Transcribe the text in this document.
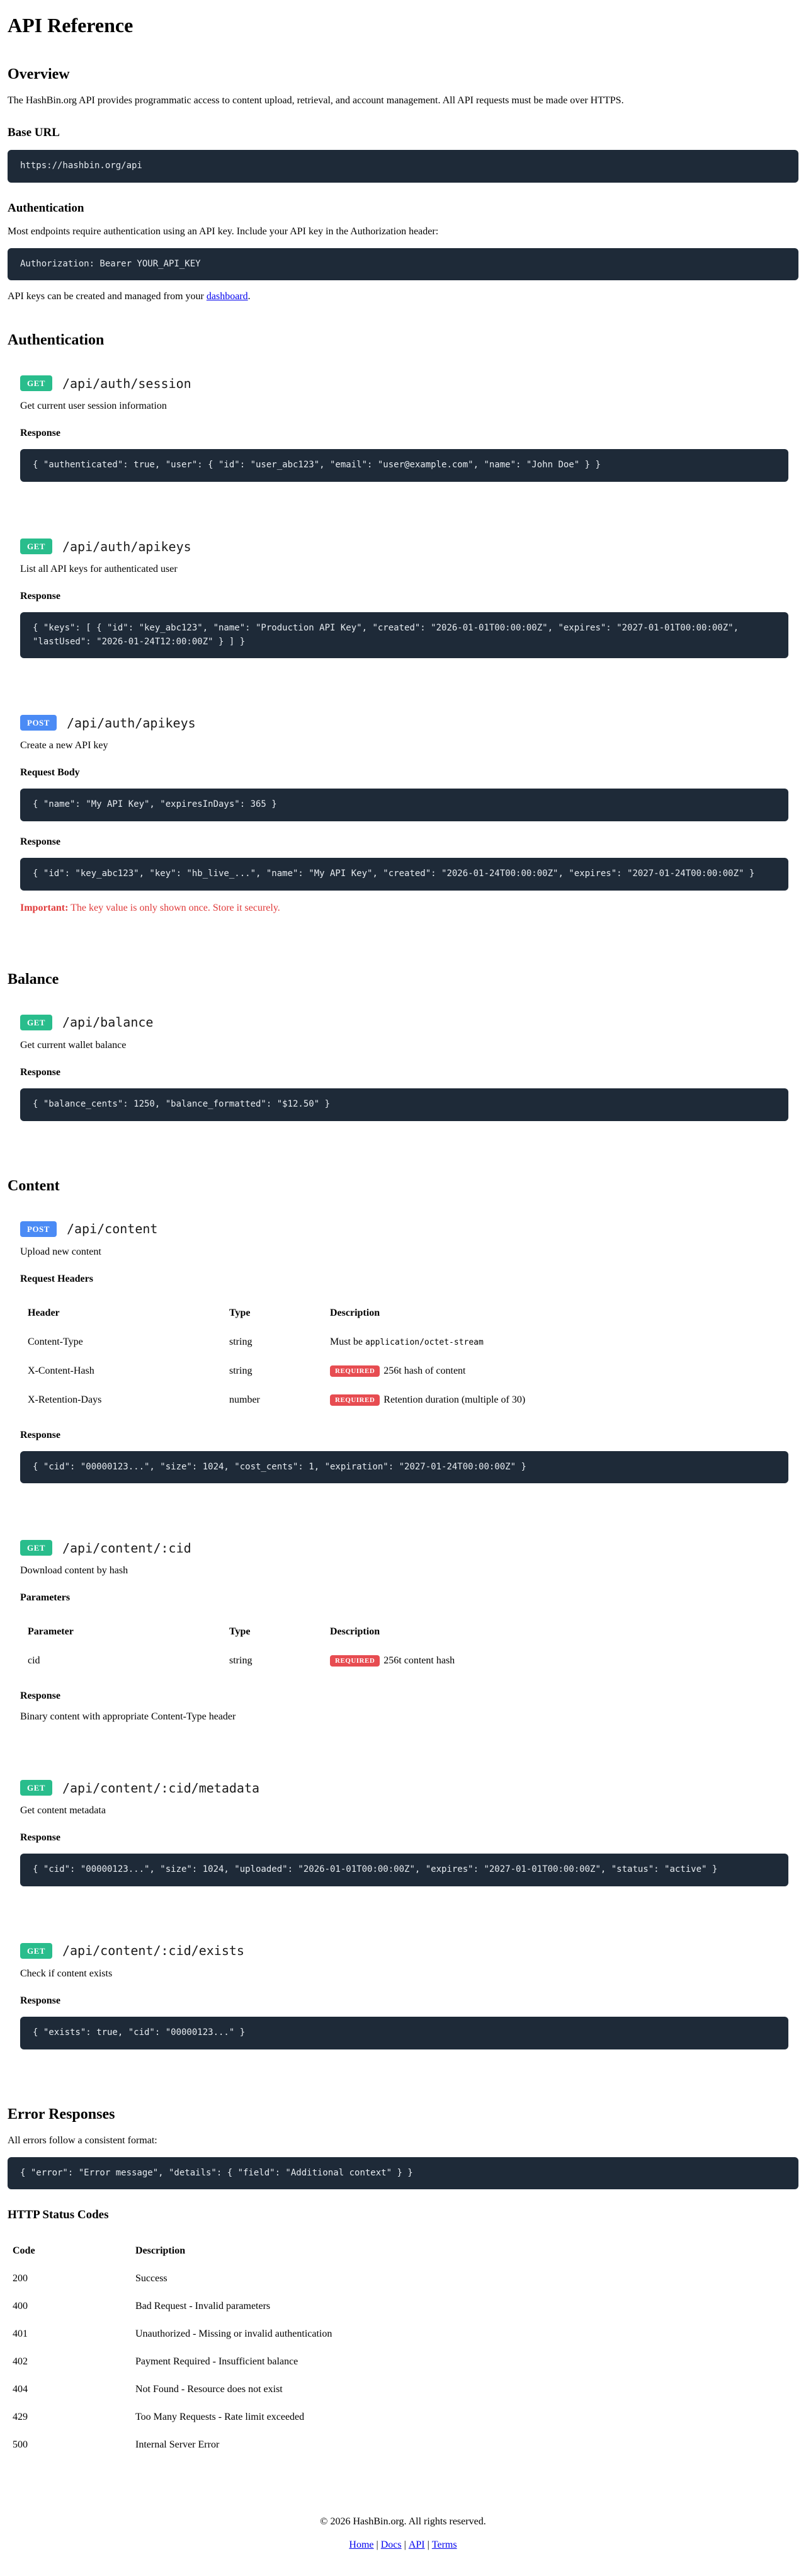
API Reference
Overview

The HashBin.org API provides programmatic access to content upload, retrieval, and account management. All API requests must be made over HTTPS.

Base URL
https://hashbin.org/api
Authentication

Most endpoints require authentication using an API key. Include your API key in the Authorization header:

Authorization: Bearer YOUR_API_KEY

API keys can be created and managed from your dashboard.

Authentication
GET	/api/auth/session

Get current user session information

Response
{ "authenticated": true, "user": { "id": "user_abc123", "email": "user@example.com", "name": "John Doe" } }
GET	/api/auth/apikeys

List all API keys for authenticated user

Response
{ "keys": [ { "id": "key_abc123", "name": "Production API Key", "created": "2026-01-01T00:00:00Z", "expires": "2027-01-01T00:00:00Z", "lastUsed": "2026-01-24T12:00:00Z" } ] }
POST	/api/auth/apikeys

Create a new API key

Request Body
{ "name": "My API Key", "expiresInDays": 365 }
Response
{ "id": "key_abc123", "key": "hb_live_...", "name": "My API Key", "created": "2026-01-24T00:00:00Z", "expires": "2027-01-24T00:00:00Z" }

Important: The key value is only shown once. Store it securely.

Balance
GET	/api/balance

Get current wallet balance

Response
{ "balance_cents": 1250, "balance_formatted": "$12.50" }
Content
POST	/api/content

Upload new content

Request Headers
Header	Type	Description
Content-Type	string	Must be application/octet-stream
X-Content-Hash	string	REQUIRED 256t hash of content
X-Retention-Days	number	REQUIRED Retention duration (multiple of 30)
Response
{ "cid": "00000123...", "size": 1024, "cost_cents": 1, "expiration": "2027-01-24T00:00:00Z" }
GET	/api/content/:cid

Download content by hash

Parameters
Parameter	Type	Description
cid	string	REQUIRED 256t content hash
Response

Binary content with appropriate Content-Type header

GET	/api/content/:cid/metadata

Get content metadata

Response
{ "cid": "00000123...", "size": 1024, "uploaded": "2026-01-01T00:00:00Z", "expires": "2027-01-01T00:00:00Z", "status": "active" }
GET	/api/content/:cid/exists

Check if content exists

Response
{ "exists": true, "cid": "00000123..." }
Error Responses

All errors follow a consistent format:

{ "error": "Error message", "details": { "field": "Additional context" } }
HTTP Status Codes
Code	Description
200	Success
400	Bad Request - Invalid parameters
401	Unauthorized - Missing or invalid authentication
402	Payment Required - Insufficient balance
404	Not Found - Resource does not exist
429	Too Many Requests - Rate limit exceeded
500	Internal Server Error

© 2026 HashBin.org. All rights reserved.

Home | Docs | API | Terms
